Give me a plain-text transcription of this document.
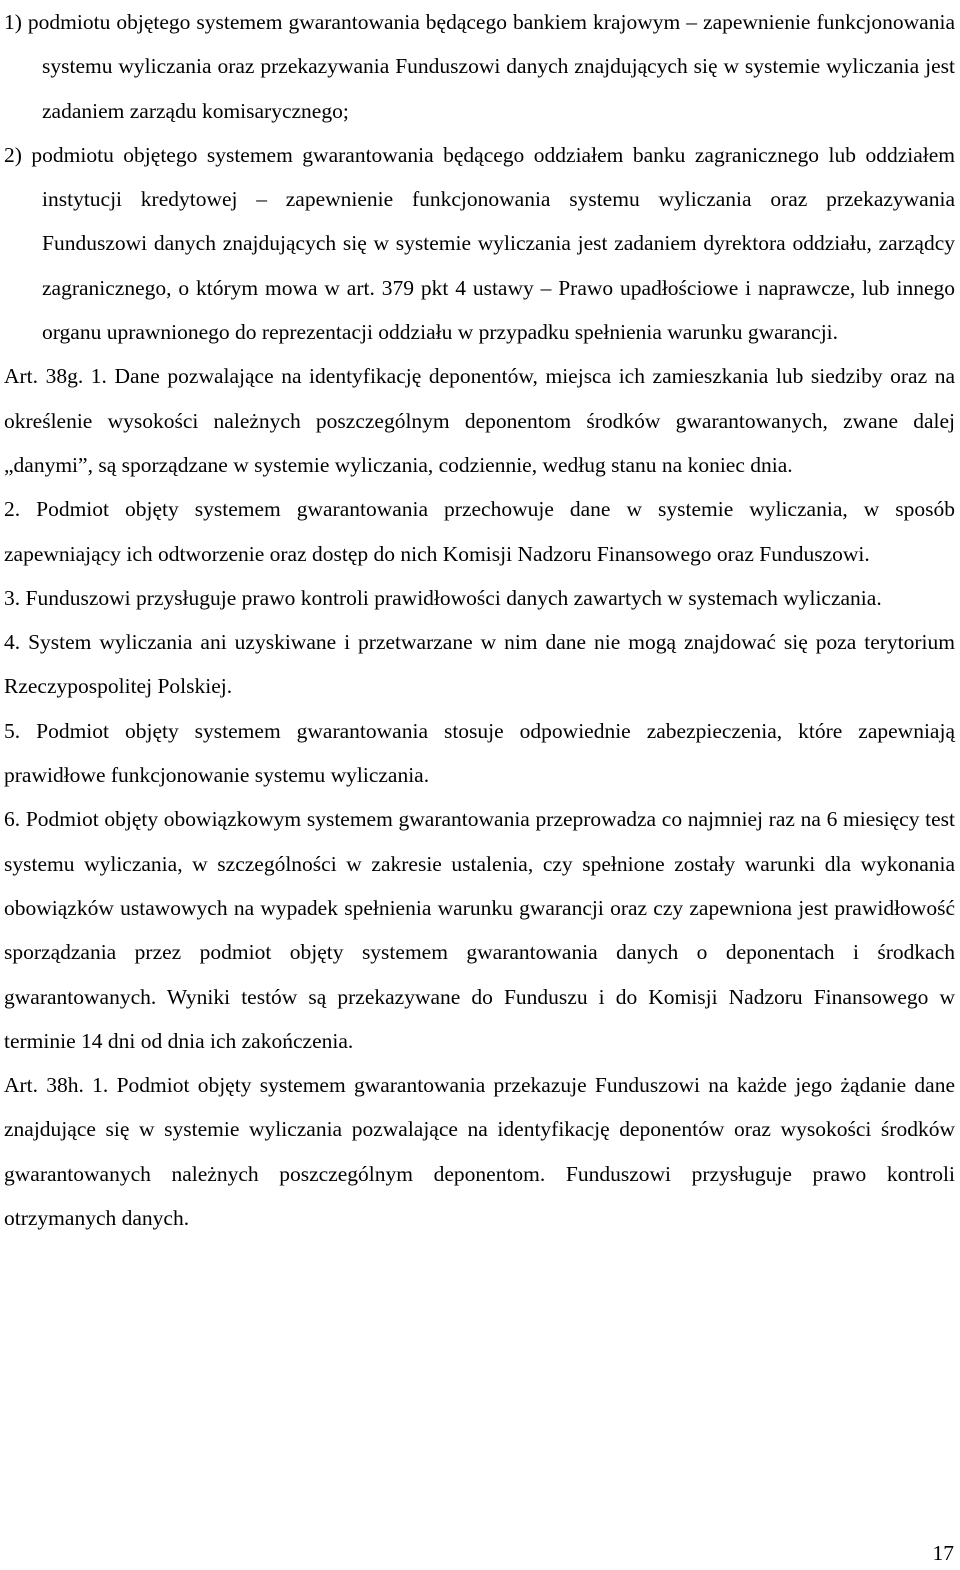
1) podmiotu objętego systemem gwarantowania będącego bankiem krajowym – zapewnienie funkcjonowania systemu wyliczania oraz przekazywania Funduszowi danych znajdujących się w systemie wyliczania jest zadaniem zarządu komisarycznego;

2) podmiotu objętego systemem gwarantowania będącego oddziałem banku zagranicznego lub oddziałem instytucji kredytowej – zapewnienie funkcjonowania systemu wyliczania oraz przekazywania Funduszowi danych znajdujących się w systemie wyliczania jest zadaniem dyrektora oddziału, zarządcy zagranicznego, o którym mowa w art. 379 pkt 4 ustawy – Prawo upadłościowe i naprawcze, lub innego organu uprawnionego do reprezentacji oddziału w przypadku spełnienia warunku gwarancji.

Art. 38g. 1. Dane pozwalające na identyfikację deponentów, miejsca ich zamieszkania lub siedziby oraz na określenie wysokości należnych poszczególnym deponentom środków gwarantowanych, zwane dalej „danymi”, są sporządzane w systemie wyliczania, codziennie, według stanu na koniec dnia.

2. Podmiot objęty systemem gwarantowania przechowuje dane w systemie wyliczania, w sposób zapewniający ich odtworzenie oraz dostęp do nich Komisji Nadzoru Finansowego oraz Funduszowi.

3. Funduszowi przysługuje prawo kontroli prawidłowości danych zawartych w systemach wyliczania.

4. System wyliczania ani uzyskiwane i przetwarzane w nim dane nie mogą znajdować się poza terytorium Rzeczypospolitej Polskiej.

5. Podmiot objęty systemem gwarantowania stosuje odpowiednie zabezpieczenia, które zapewniają prawidłowe funkcjonowanie systemu wyliczania.

6. Podmiot objęty obowiązkowym systemem gwarantowania przeprowadza co najmniej raz na 6 miesięcy test systemu wyliczania, w szczególności w zakresie ustalenia, czy spełnione zostały warunki dla wykonania obowiązków ustawowych na wypadek spełnienia warunku gwarancji oraz czy zapewniona jest prawidłowość sporządzania przez podmiot objęty systemem gwarantowania danych o deponentach i środkach gwarantowanych. Wyniki testów są przekazywane do Funduszu i do Komisji Nadzoru Finansowego w terminie 14 dni od dnia ich zakończenia.

Art. 38h. 1. Podmiot objęty systemem gwarantowania przekazuje Funduszowi na każde jego żądanie dane znajdujące się w systemie wyliczania pozwalające na identyfikację deponentów oraz wysokości środków gwarantowanych należnych poszczególnym deponentom. Funduszowi przysługuje prawo kontroli otrzymanych danych.

17
